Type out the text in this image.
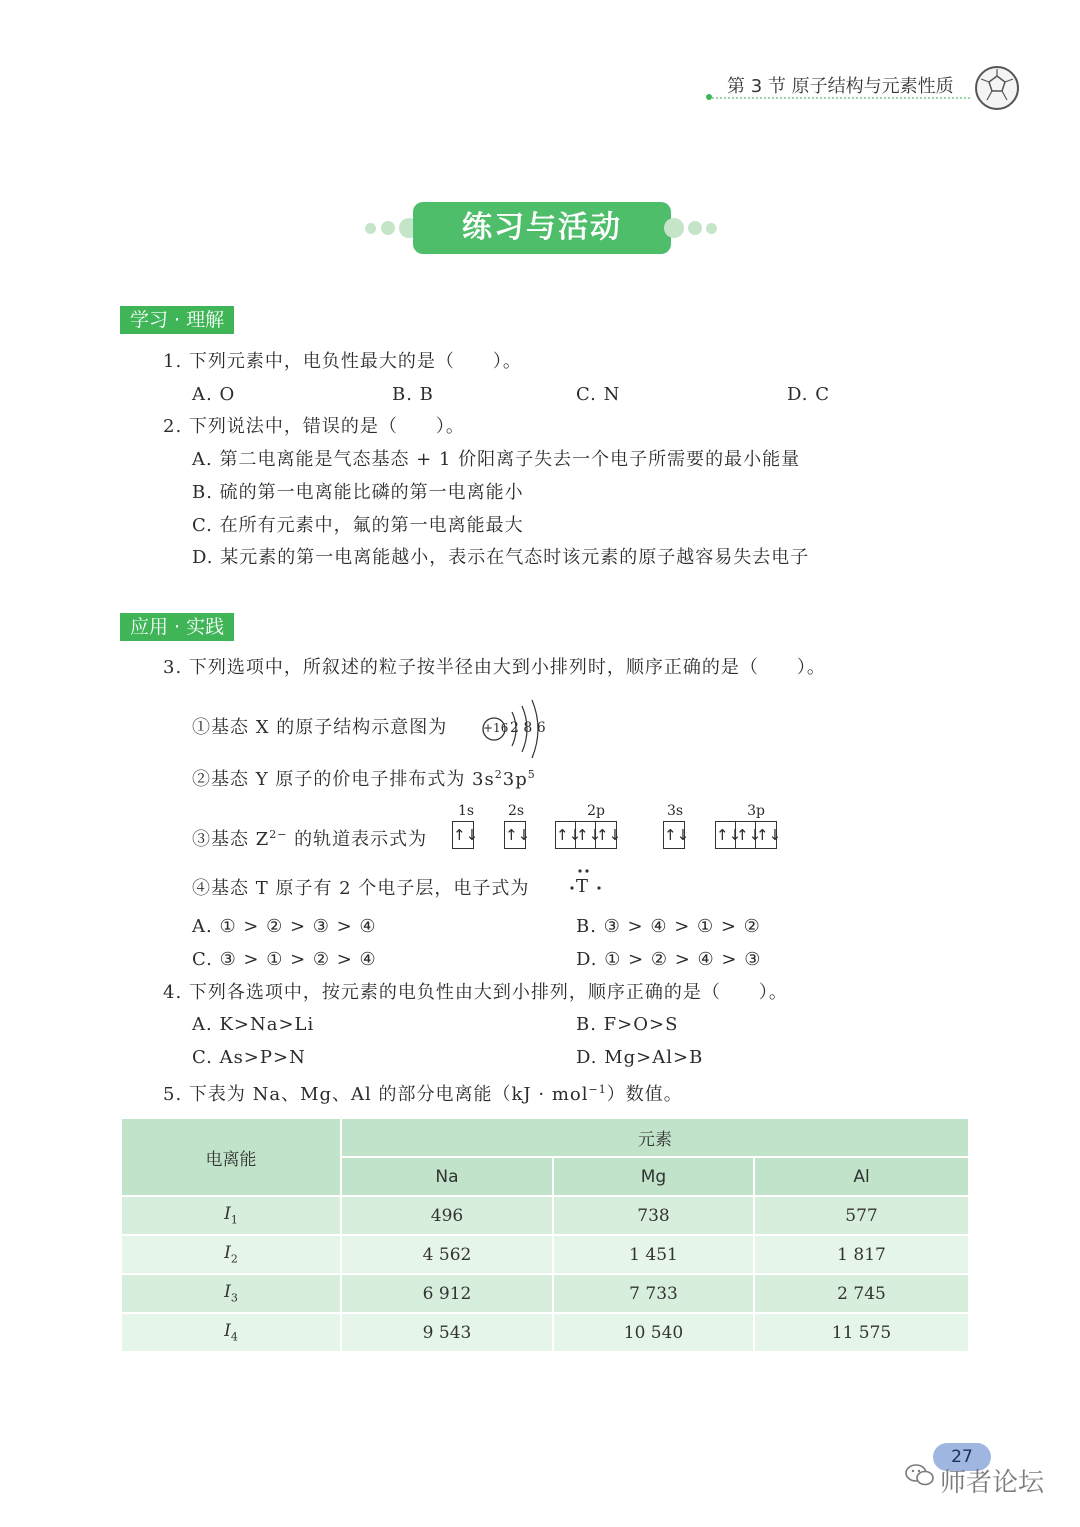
第 3 节 原子结构与元素性质
练习与活动
学习 · 理解
1. 下列元素中，电负性最大的是（　　）。
A. O	B. B	C. N	D. C
2. 下列说法中，错误的是（　　）。
A. 第二电离能是气态基态 + 1 价阳离子失去一个电子所需要的最小能量
B. 硫的第一电离能比磷的第一电离能小
C. 在所有元素中，氟的第一电离能最大
D. 某元素的第一电离能越小，表示在气态时该元素的原子越容易失去电子
应用 · 实践
3. 下列选项中，所叙述的粒子按半径由大到小排列时，顺序正确的是（　　）。
①基态 X 的原子结构示意图为	+16 2 8 6
②基态 Y 原子的价电子排布式为 $3s^23p^5$
③基态 $Z^{2-}$ 的轨道表示式为
1s
↑↓
2s
↑↓
2p
↑↓↑↓↑↓
3s
↑↓
3p
↑↓↑↓↑↓
④基态 T 原子有 2 个电子层，电子式为	T
A. ① > ② > ③ > ④	B. ③ > ④ > ① > ②
C. ③ > ① > ② > ④	D. ① > ② > ④ > ③
4. 下列各选项中，按元素的电负性由大到小排列，顺序正确的是（　　）。
A. K>Na>Li	B. F>O>S
C. As>P>N	D. Mg>Al>B
5. 下表为 Na、Mg、Al 的部分电离能（kJ · mol$^{-1}$）数值。
电离能	元素		
	Na	Mg	Al
$I_1$	496	738	577
$I_2$	4 562	1 451	1 817
$I_3$	6 912	7 733	2 745
$I_4$	9 543	10 540	11 575
27
师者论坛
